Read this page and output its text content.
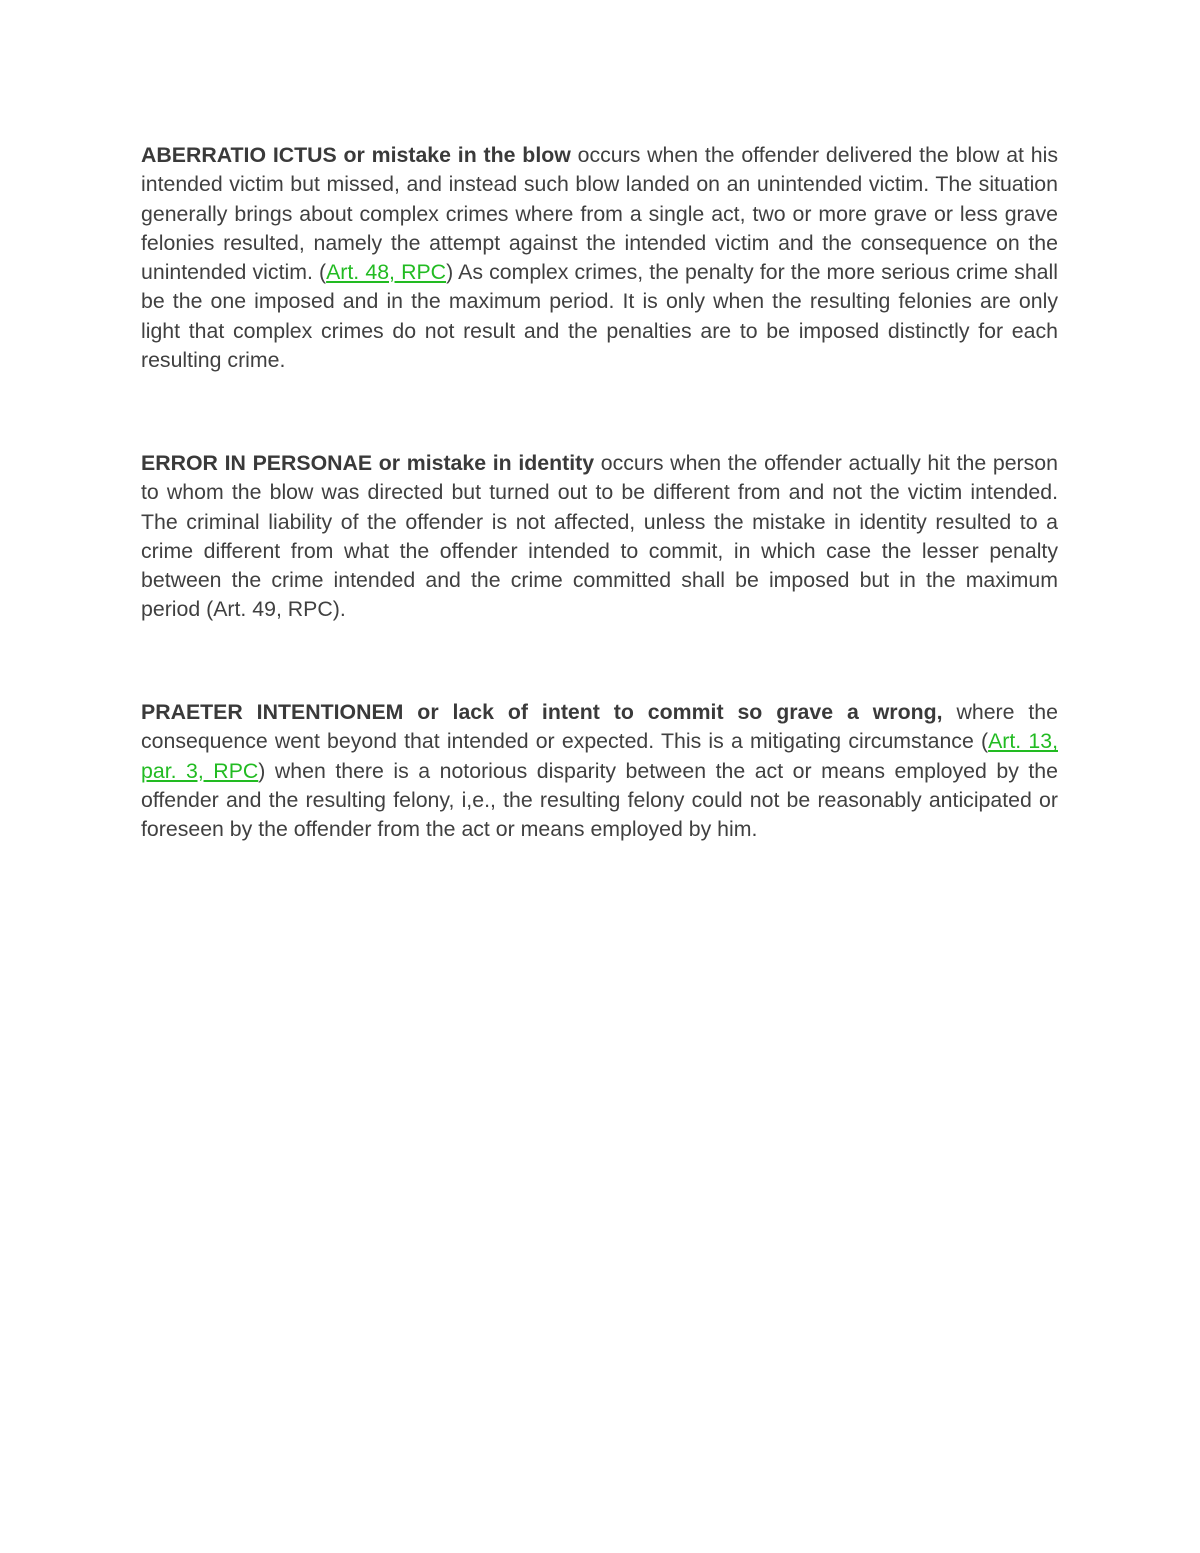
ABERRATIO ICTUS or mistake in the blow occurs when the offender delivered the blow at his intended victim but missed, and instead such blow landed on an unintended victim. The situation generally brings about complex crimes where from a single act, two or more grave or less grave felonies resulted, namely the attempt against the intended victim and the consequence on the unintended victim. (Art. 48, RPC) As complex crimes, the penalty for the more serious crime shall be the one imposed and in the maximum period. It is only when the resulting felonies are only light that complex crimes do not result and the penalties are to be imposed distinctly for each resulting crime.

ERROR IN PERSONAE or mistake in identity occurs when the offender actually hit the person to whom the blow was directed but turned out to be different from and not the victim intended. The criminal liability of the offender is not affected, unless the mistake in identity resulted to a crime different from what the offender intended to commit, in which case the lesser penalty between the crime intended and the crime committed shall be imposed but in the maximum period (Art. 49, RPC).

PRAETER INTENTIONEM or lack of intent to commit so grave a wrong, where the consequence went beyond that intended or expected. This is a mitigating circumstance (Art. 13, par. 3, RPC) when there is a notorious disparity between the act or means employed by the offender and the resulting felony, i,e., the resulting felony could not be reasonably anticipated or foreseen by the offender from the act or means employed by him.
